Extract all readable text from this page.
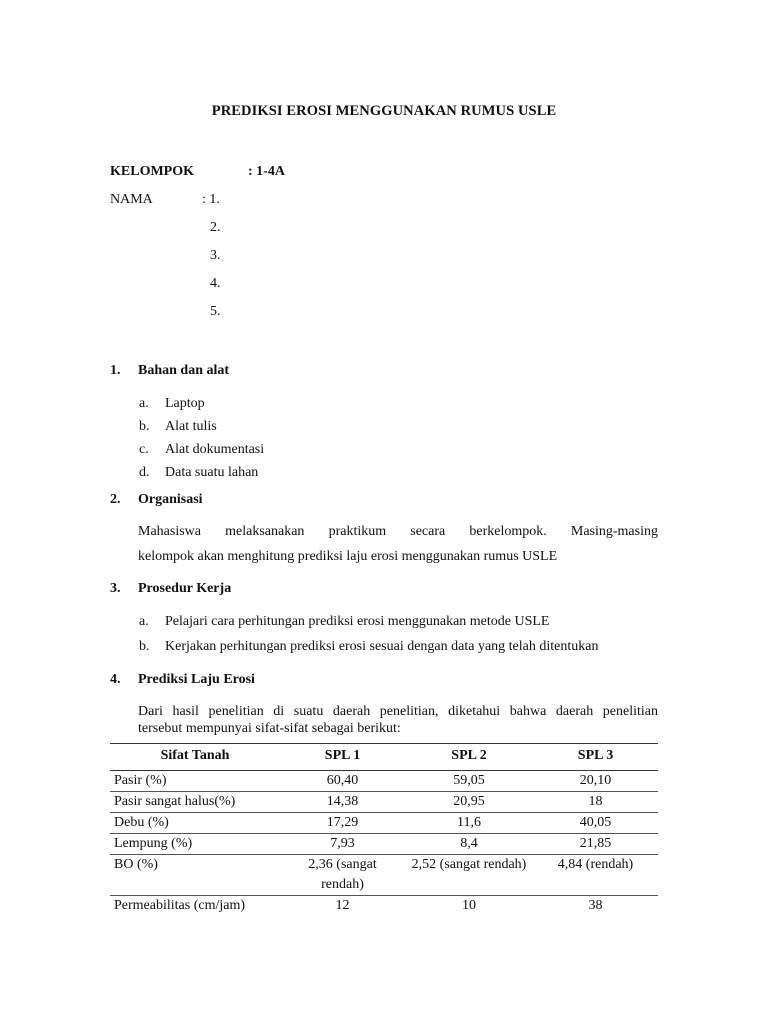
PREDIKSI EROSI MENGGUNAKAN RUMUS USLE
KELOMPOK	: 1-4A
NAMA	: 1.
2.
3.
4.
5.
1. Bahan dan alat
a. Laptop
b. Alat tulis
c. Alat dokumentasi
d. Data suatu lahan
2. Organisasi
Mahasiswa melaksanakan praktikum secara berkelompok. Masing-masing
kelompok akan menghitung prediksi laju erosi menggunakan rumus USLE
3. Prosedur Kerja
a. Pelajari cara perhitungan prediksi erosi menggunakan metode USLE
b. Kerjakan perhitungan prediksi erosi sesuai dengan data yang telah ditentukan
4. Prediksi Laju Erosi
Dari hasil penelitian di suatu daerah penelitian, diketahui bahwa daerah penelitian
tersebut mempunyai sifat-sifat sebagai berikut:
Sifat Tanah	SPL 1	SPL 2	SPL 3
Pasir (%)	60,40	59,05	20,10
Pasir sangat halus(%)	14,38	20,95	18
Debu (%)	17,29	11,6	40,05
Lempung (%)	7,93	8,4	21,85
BO (%)	2,36 (sangat rendah)	2,52 (sangat rendah)	4,84 (rendah)
Permeabilitas (cm/jam)	12	10	38
